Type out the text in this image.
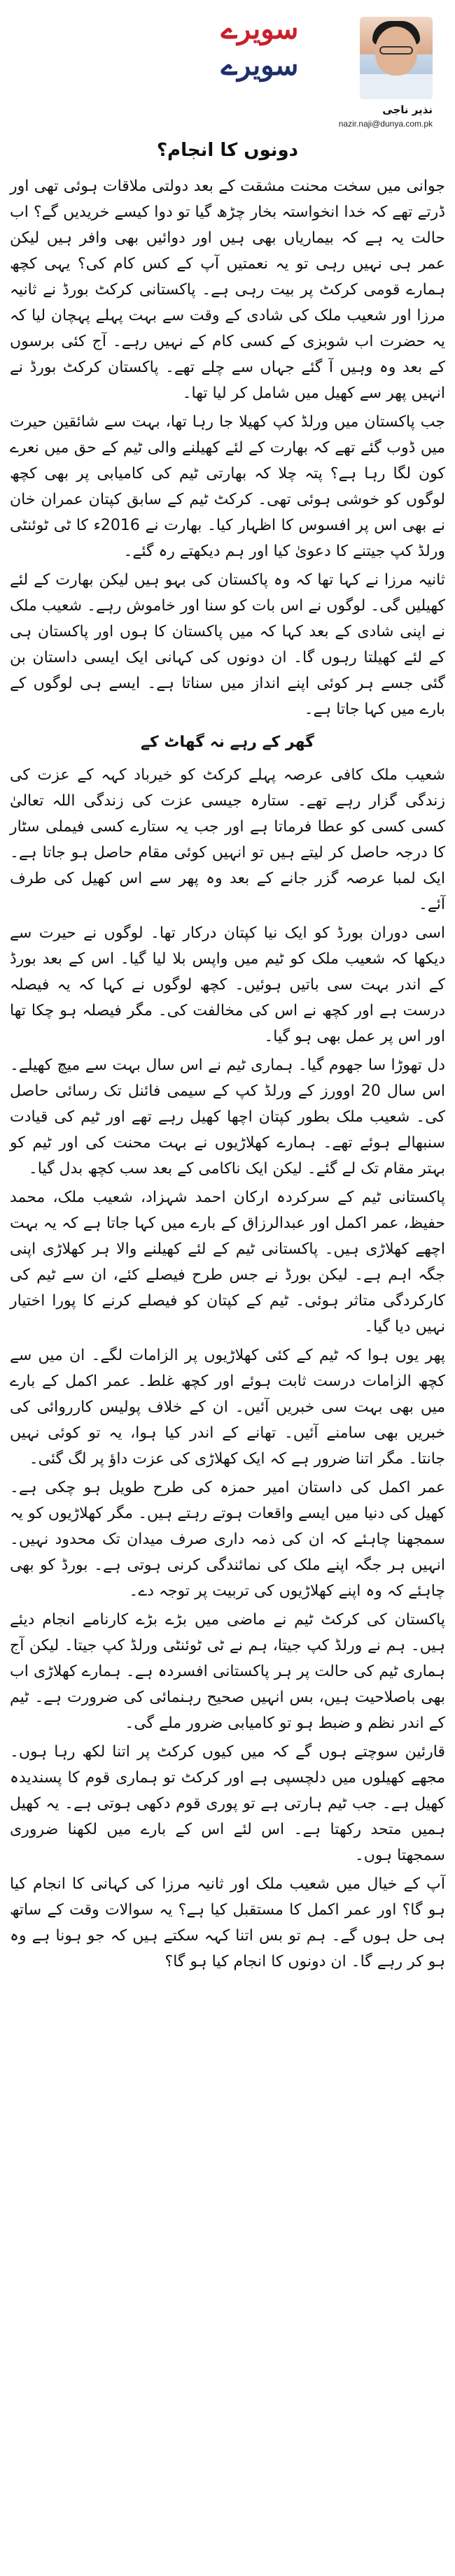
سویرے
سویرے
نذیر ناجی
nazir.naji@dunya.com.pk
دونوں کا انجام؟

جوانی میں سخت محنت مشقت کے بعد دولتی ملاقات ہوئی تھی اور ڈرتے تھے کہ خدا انخواستہ بخار چڑھ گیا تو دوا کیسے خریدیں گے؟ اب حالت یہ ہے کہ بیماریاں بھی ہیں اور دوائیں بھی وافر ہیں لیکن عمر ہی نہیں رہی تو یہ نعمتیں آپ کے کس کام کی؟ یہی کچھ ہمارے قومی کرکٹ پر بیت رہی ہے۔ پاکستانی کرکٹ بورڈ نے ثانیہ مرزا اور شعیب ملک کی شادی کے وقت سے بہت پہلے پہچان لیا کہ یہ حضرت اب شوبزی کے کسی کام کے نہیں رہے۔ آج کئی برسوں کے بعد وہ وہیں آ گئے جہاں سے چلے تھے۔ پاکستان کرکٹ بورڈ نے انہیں پھر سے کھیل میں شامل کر لیا تھا۔

جب پاکستان میں ورلڈ کپ کھیلا جا رہا تھا، بہت سے شائقین حیرت میں ڈوب گئے تھے کہ بھارت کے لئے کھیلنے والی ٹیم کے حق میں نعرے کون لگا رہا ہے؟ پتہ چلا کہ بھارتی ٹیم کی کامیابی پر بھی کچھ لوگوں کو خوشی ہوئی تھی۔ کرکٹ ٹیم کے سابق کپتان عمران خان نے بھی اس پر افسوس کا اظہار کیا۔ بھارت نے 2016ء کا ٹی ٹوئنٹی ورلڈ کپ جیتنے کا دعویٰ کیا اور ہم دیکھتے رہ گئے۔

ثانیہ مرزا نے کہا تھا کہ وہ پاکستان کی بہو ہیں لیکن بھارت کے لئے کھیلیں گی۔ لوگوں نے اس بات کو سنا اور خاموش رہے۔ شعیب ملک نے اپنی شادی کے بعد کہا کہ میں پاکستان کا ہوں اور پاکستان ہی کے لئے کھیلتا رہوں گا۔ ان دونوں کی کہانی ایک ایسی داستان بن گئی جسے ہر کوئی اپنے انداز میں سناتا ہے۔ ایسے ہی لوگوں کے بارے میں کہا جاتا ہے۔

گھر کے رہے نہ گھاٹ کے

شعیب ملک کافی عرصہ پہلے کرکٹ کو خیرباد کہہ کے عزت کی زندگی گزار رہے تھے۔ ستارہ جیسی عزت کی زندگی اللہ تعالیٰ کسی کسی کو عطا فرماتا ہے اور جب یہ ستارے کسی فیملی سٹار کا درجہ حاصل کر لیتے ہیں تو انہیں کوئی مقام حاصل ہو جاتا ہے۔ ایک لمبا عرصہ گزر جانے کے بعد وہ پھر سے اس کھیل کی طرف آئے۔

اسی دوران بورڈ کو ایک نیا کپتان درکار تھا۔ لوگوں نے حیرت سے دیکھا کہ شعیب ملک کو ٹیم میں واپس بلا لیا گیا۔ اس کے بعد بورڈ کے اندر بہت سی باتیں ہوئیں۔ کچھ لوگوں نے کہا کہ یہ فیصلہ درست ہے اور کچھ نے اس کی مخالفت کی۔ مگر فیصلہ ہو چکا تھا اور اس پر عمل بھی ہو گیا۔

دل تھوڑا سا جھوم گیا۔ ہماری ٹیم نے اس سال بہت سے میچ کھیلے۔ اس سال 20 اوورز کے ورلڈ کپ کے سیمی فائنل تک رسائی حاصل کی۔ شعیب ملک بطور کپتان اچھا کھیل رہے تھے اور ٹیم کی قیادت سنبھالے ہوئے تھے۔ ہمارے کھلاڑیوں نے بہت محنت کی اور ٹیم کو بہتر مقام تک لے گئے۔ لیکن ایک ناکامی کے بعد سب کچھ بدل گیا۔

پاکستانی ٹیم کے سرکردہ ارکان احمد شہزاد، شعیب ملک، محمد حفیظ، عمر اکمل اور عبدالرزاق کے بارے میں کہا جاتا ہے کہ یہ بہت اچھے کھلاڑی ہیں۔ پاکستانی ٹیم کے لئے کھیلنے والا ہر کھلاڑی اپنی جگہ اہم ہے۔ لیکن بورڈ نے جس طرح فیصلے کئے، ان سے ٹیم کی کارکردگی متاثر ہوئی۔ ٹیم کے کپتان کو فیصلے کرنے کا پورا اختیار نہیں دیا گیا۔

پھر یوں ہوا کہ ٹیم کے کئی کھلاڑیوں پر الزامات لگے۔ ان میں سے کچھ الزامات درست ثابت ہوئے اور کچھ غلط۔ عمر اکمل کے بارے میں بھی بہت سی خبریں آئیں۔ ان کے خلاف پولیس کارروائی کی خبریں بھی سامنے آئیں۔ تھانے کے اندر کیا ہوا، یہ تو کوئی نہیں جانتا۔ مگر اتنا ضرور ہے کہ ایک کھلاڑی کی عزت داؤ پر لگ گئی۔

عمر اکمل کی داستان امیر حمزہ کی طرح طویل ہو چکی ہے۔ کھیل کی دنیا میں ایسے واقعات ہوتے رہتے ہیں۔ مگر کھلاڑیوں کو یہ سمجھنا چاہئے کہ ان کی ذمہ داری صرف میدان تک محدود نہیں۔ انہیں ہر جگہ اپنے ملک کی نمائندگی کرنی ہوتی ہے۔ بورڈ کو بھی چاہئے کہ وہ اپنے کھلاڑیوں کی تربیت پر توجہ دے۔

پاکستان کی کرکٹ ٹیم نے ماضی میں بڑے بڑے کارنامے انجام دیئے ہیں۔ ہم نے ورلڈ کپ جیتا، ہم نے ٹی ٹوئنٹی ورلڈ کپ جیتا۔ لیکن آج ہماری ٹیم کی حالت پر ہر پاکستانی افسردہ ہے۔ ہمارے کھلاڑی اب بھی باصلاحیت ہیں، بس انہیں صحیح رہنمائی کی ضرورت ہے۔ ٹیم کے اندر نظم و ضبط ہو تو کامیابی ضرور ملے گی۔

قارئین سوچتے ہوں گے کہ میں کیوں کرکٹ پر اتنا لکھ رہا ہوں۔ مجھے کھیلوں میں دلچسپی ہے اور کرکٹ تو ہماری قوم کا پسندیدہ کھیل ہے۔ جب ٹیم ہارتی ہے تو پوری قوم دکھی ہوتی ہے۔ یہ کھیل ہمیں متحد رکھتا ہے۔ اس لئے اس کے بارے میں لکھنا ضروری سمجھتا ہوں۔

آپ کے خیال میں شعیب ملک اور ثانیہ مرزا کی کہانی کا انجام کیا ہو گا؟ اور عمر اکمل کا مستقبل کیا ہے؟ یہ سوالات وقت کے ساتھ ہی حل ہوں گے۔ ہم تو بس اتنا کہہ سکتے ہیں کہ جو ہونا ہے وہ ہو کر رہے گا۔ ان دونوں کا انجام کیا ہو گا؟
